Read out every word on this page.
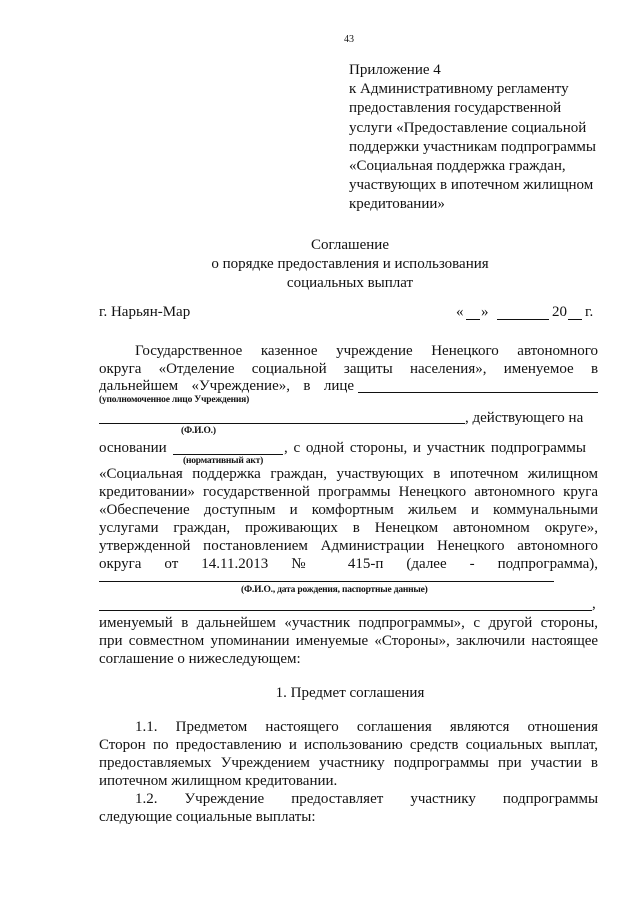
43
Приложение 4
к Административному регламенту
предоставления государственной
услуги «Предоставление социальной
поддержки участникам подпрограммы
«Социальная поддержка граждан,
участвующих в ипотечном жилищном
кредитовании»
Соглашение
о порядке предоставления и использования
социальных выплат
г. Нарьян-Мар	« »	20 г.
Государственное казенное учреждение Ненецкого автономного
округа «Отделение социальной защиты населения», именуемое в
дальнейшем «Учреждение», в лице
(уполномоченное лицо Учреждения)
, действующего на
(Ф.И.О.)
основании	, с одной стороны, и участник подпрограммы
(нормативный акт)
«Социальная поддержка граждан, участвующих в ипотечном жилищном
кредитовании» государственной программы Ненецкого автономного круга
«Обеспечение доступным и комфортным жильем и коммунальными
услугами граждан, проживающих в Ненецком автономном округе»,
утвержденной постановлением Администрации Ненецкого автономного
округа от 14.11.2013 № 415-п (далее - подпрограмма),
(Ф.И.О., дата рождения, паспортные данные)
,
именуемый в дальнейшем «участник подпрограммы», с другой стороны,
при совместном упоминании именуемые «Стороны», заключили настоящее
соглашение о нижеследующем:
1. Предмет соглашения
1.1. Предметом настоящего соглашения являются отношения
Сторон по предоставлению и использованию средств социальных выплат,
предоставляемых Учреждением участнику подпрограммы при участии в
ипотечном жилищном кредитовании.
1.2. Учреждение предоставляет участнику подпрограммы
следующие социальные выплаты:
